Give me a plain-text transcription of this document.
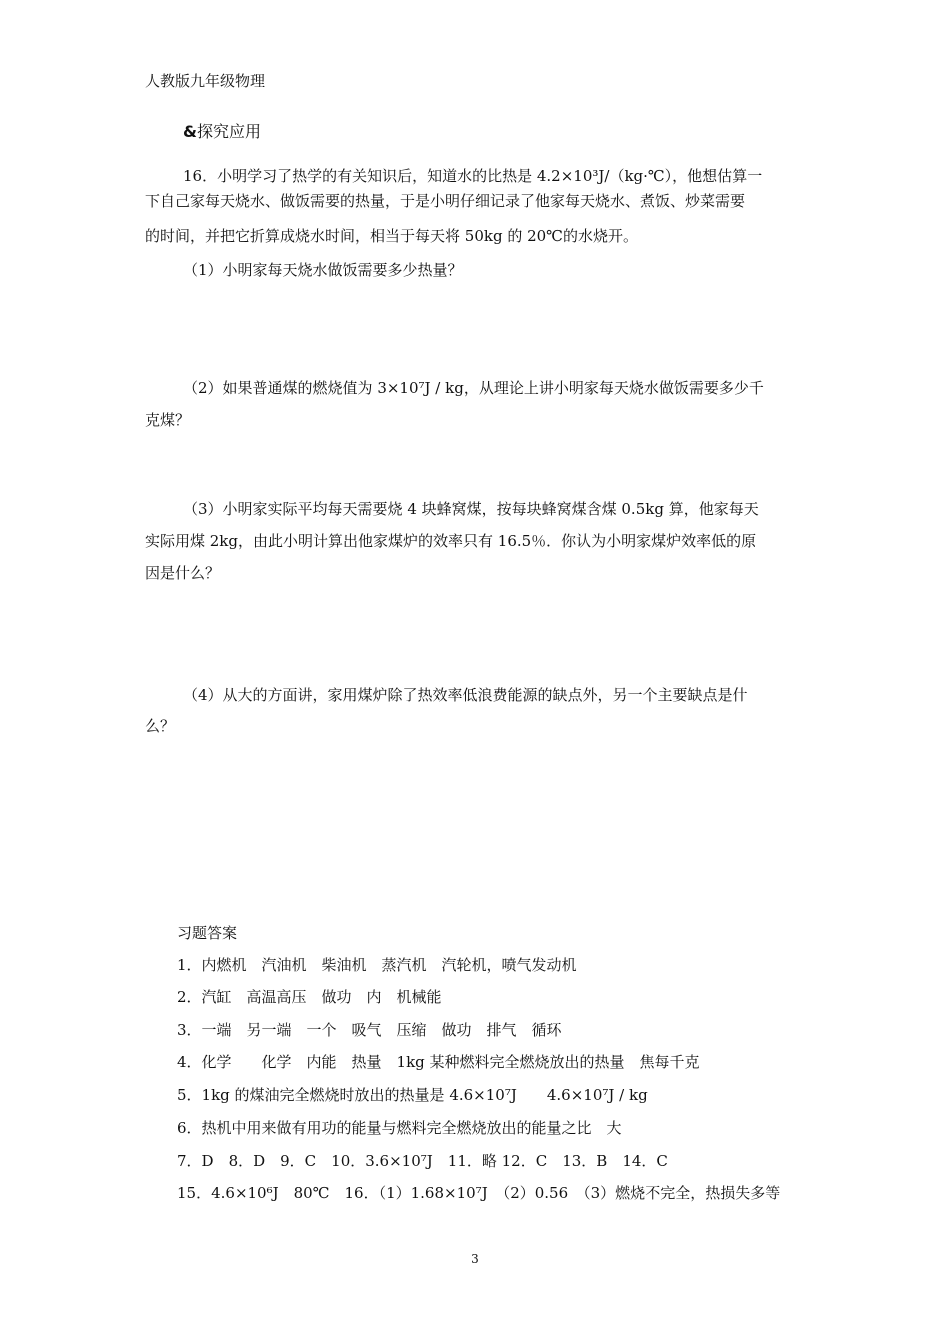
人教版九年级物理
&探究应用
16．小明学习了热学的有关知识后，知道水的比热是 4.2×10³J/（kg·℃），他想估算一
下自己家每天烧水、做饭需要的热量，于是小明仔细记录了他家每天烧水、煮饭、炒菜需要
的时间，并把它折算成烧水时间，相当于每天将 50kg 的 20℃的水烧开。
（1）小明家每天烧水做饭需要多少热量？
（2）如果普通煤的燃烧值为 3×10⁷J / kg，从理论上讲小明家每天烧水做饭需要多少千
克煤？
（3）小明家实际平均每天需要烧 4 块蜂窝煤，按每块蜂窝煤含煤 0.5kg 算，他家每天
实际用煤 2kg，由此小明计算出他家煤炉的效率只有 16.5％．你认为小明家煤炉效率低的原
因是什么？
（4）从大的方面讲，家用煤炉除了热效率低浪费能源的缺点外，另一个主要缺点是什
么？
习题答案
1．内燃机　汽油机　柴油机　蒸汽机　汽轮机，喷气发动机
2．汽缸　高温高压　做功　内　机械能
3．一端　另一端　一个　吸气　压缩　做功　排气　循环
4．化学　　化学　内能　热量　1kg 某种燃料完全燃烧放出的热量　焦每千克
5．1kg 的煤油完全燃烧时放出的热量是 4.6×10⁷J　　4.6×10⁷J / kg
6．热机中用来做有用功的能量与燃料完全燃烧放出的能量之比　大
7．D　8．D　9．C　10．3.6×10⁷J　11．略 12．C　13．B　14．C
15．4.6×10⁶J　80℃　16．（1）1.68×10⁷J　（2）0.56　（3）燃烧不完全，热损失多等
3
